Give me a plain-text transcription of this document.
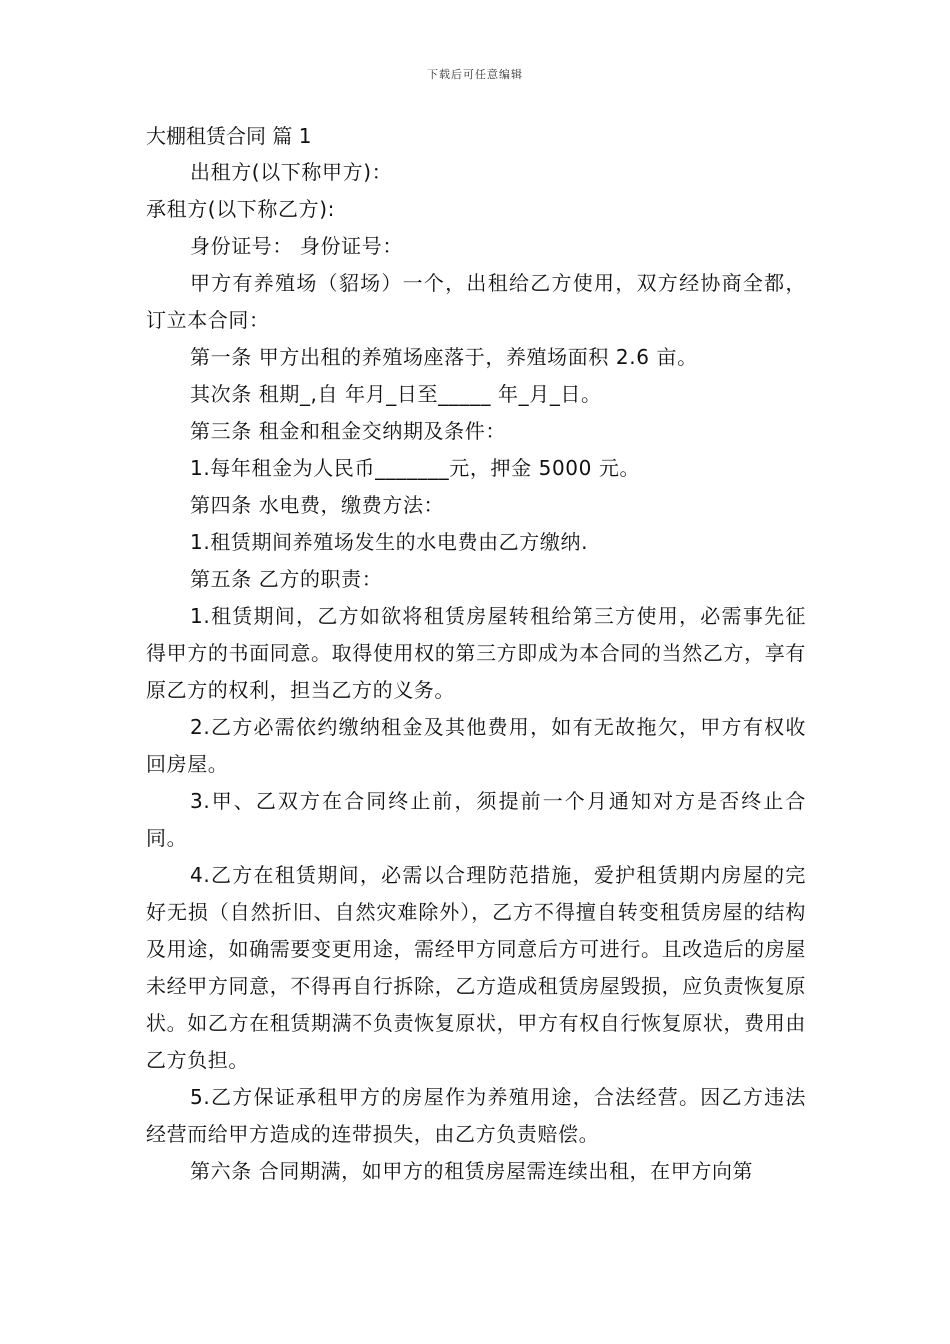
下载后可任意编辑

大棚租赁合同 篇 1

出租方(以下称甲方)：

承租方(以下称乙方):

身份证号： 身份证号：

甲方有养殖场（貂场）一个，出租给乙方使用，双方经协商全都，订立本合同：

第一条 甲方出租的养殖场座落于，养殖场面积 2.6 亩。

其次条 租期_,自 年月_日至_____ 年_月_日。

第三条 租金和租金交纳期及条件：

1.每年租金为人民币_______元，押金 5000 元。

第四条 水电费，缴费方法：

1.租赁期间养殖场发生的水电费由乙方缴纳.

第五条 乙方的职责：

1.租赁期间，乙方如欲将租赁房屋转租给第三方使用，必需事先征得甲方的书面同意。取得使用权的第三方即成为本合同的当然乙方，享有原乙方的权利，担当乙方的义务。

2.乙方必需依约缴纳租金及其他费用，如有无故拖欠，甲方有权收回房屋。

3.甲、乙双方在合同终止前，须提前一个月通知对方是否终止合同。

4.乙方在租赁期间，必需以合理防范措施，爱护租赁期内房屋的完好无损（自然折旧、自然灾难除外），乙方不得擅自转变租赁房屋的结构及用途，如确需要变更用途，需经甲方同意后方可进行。且改造后的房屋未经甲方同意，不得再自行拆除，乙方造成租赁房屋毁损，应负责恢复原状。如乙方在租赁期满不负责恢复原状，甲方有权自行恢复原状，费用由乙方负担。

5.乙方保证承租甲方的房屋作为养殖用途，合法经营。因乙方违法经营而给甲方造成的连带损失，由乙方负责赔偿。

第六条 合同期满，如甲方的租赁房屋需连续出租，在甲方向第
